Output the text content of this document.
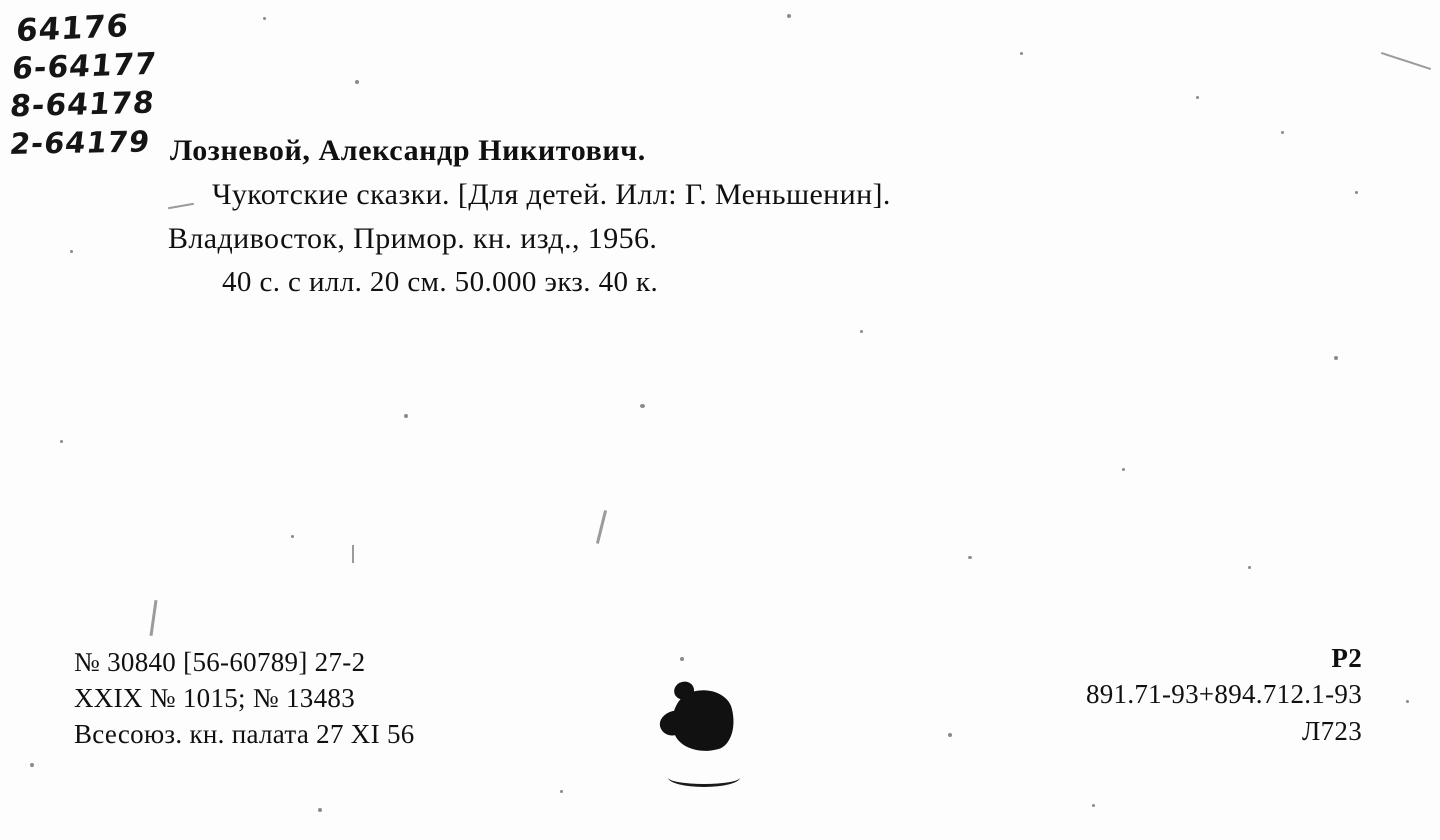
64176
6-64177
8-64178
2-64179 Лозневой, Александр Никитович.
Чукотские сказки. [Для детей. Илл: Г. Меньшенин].
Владивосток, Примор. кн. изд., 1956.
40 с. с илл. 20 см. 50.000 экз. 40 к.
№ 30840 [56-60789] 27-2
XXIX № 1015; № 13483
Всесоюз. кн. палата 27 XI 56
Р2
891.71-93+894.712.1-93
Л723
